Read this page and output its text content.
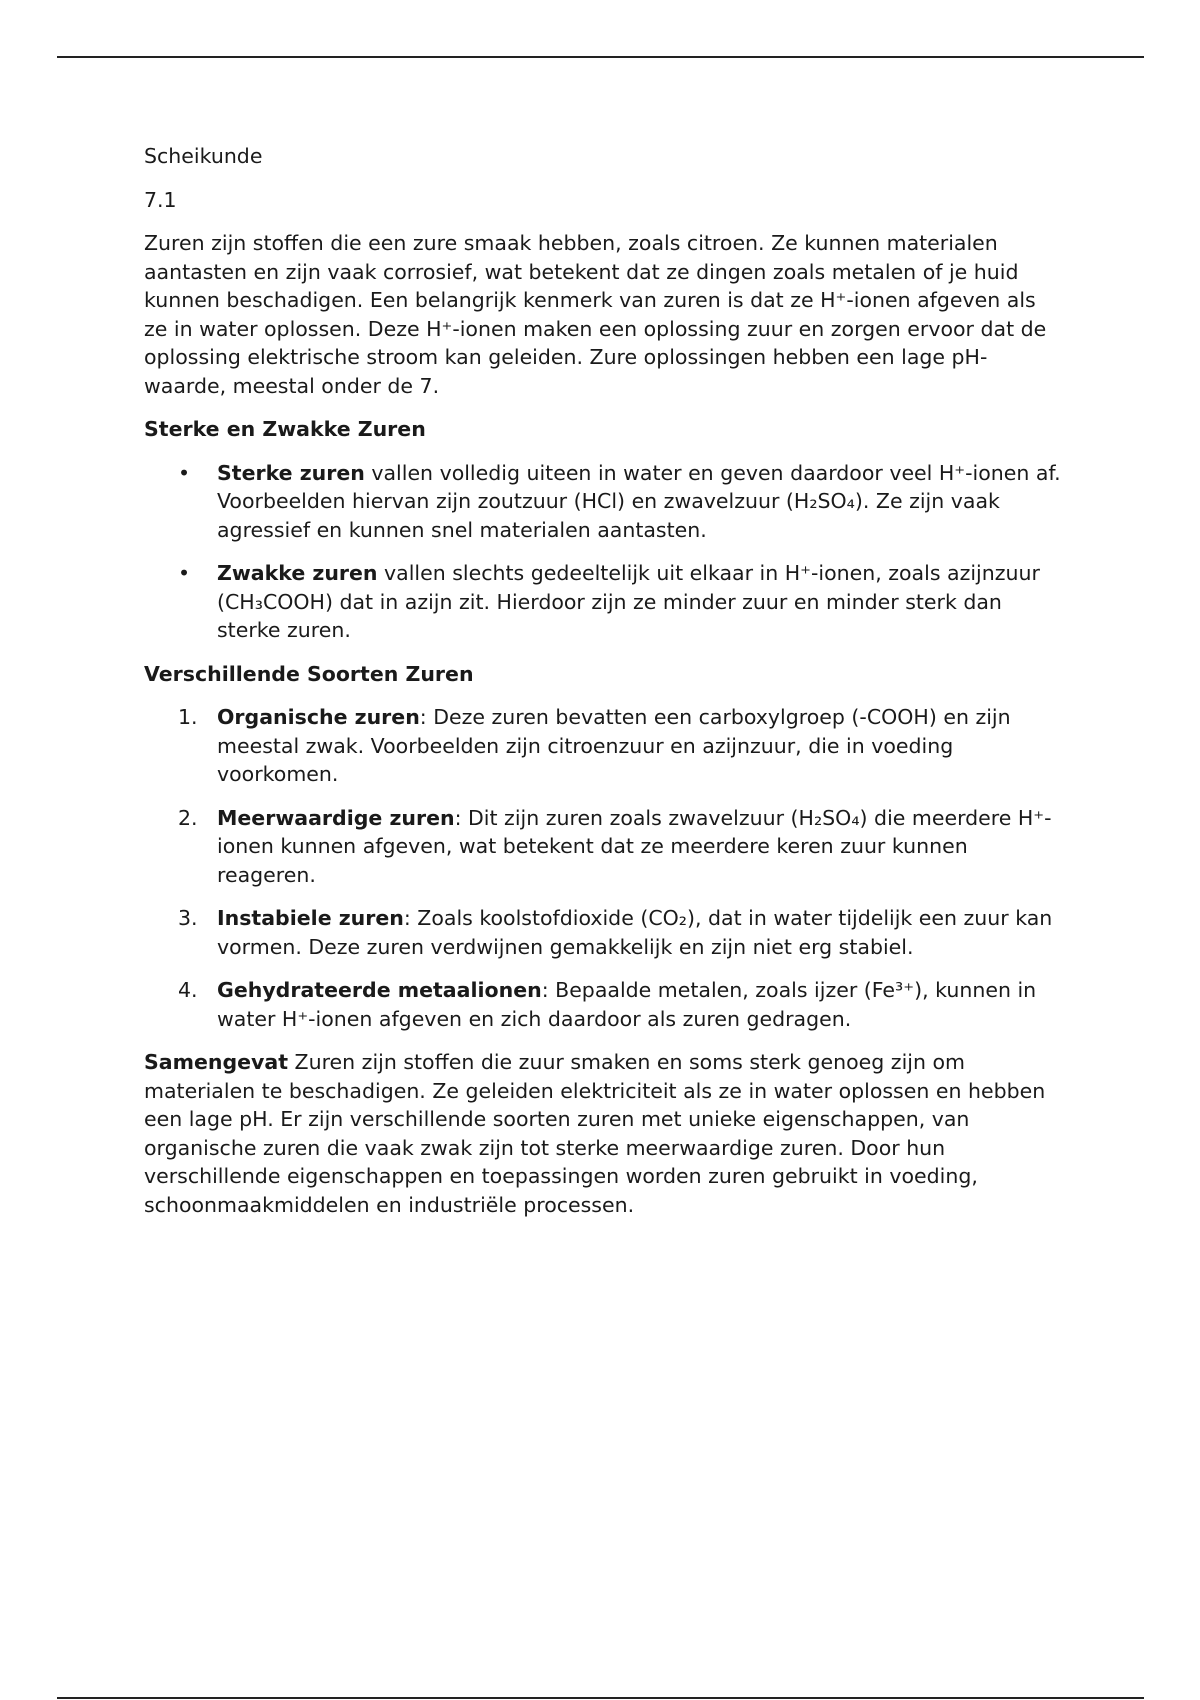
Scheikunde

7.1

Zuren zijn stoffen die een zure smaak hebben, zoals citroen. Ze kunnen materialen aantasten en zijn vaak corrosief, wat betekent dat ze dingen zoals metalen of je huid kunnen beschadigen. Een belangrijk kenmerk van zuren is dat ze H⁺-ionen afgeven als ze in water oplossen. Deze H⁺-ionen maken een oplossing zuur en zorgen ervoor dat de oplossing elektrische stroom kan geleiden. Zure oplossingen hebben een lage pH-waarde, meestal onder de 7.

Sterke en Zwakke Zuren

• Sterke zuren vallen volledig uiteen in water en geven daardoor veel H⁺-ionen af. Voorbeelden hiervan zijn zoutzuur (HCl) en zwavelzuur (H₂SO₄). Ze zijn vaak agressief en kunnen snel materialen aantasten.
• Zwakke zuren vallen slechts gedeeltelijk uit elkaar in H⁺-ionen, zoals azijnzuur (CH₃COOH) dat in azijn zit. Hierdoor zijn ze minder zuur en minder sterk dan sterke zuren.

Verschillende Soorten Zuren

1. Organische zuren: Deze zuren bevatten een carboxylgroep (-COOH) en zijn meestal zwak. Voorbeelden zijn citroenzuur en azijnzuur, die in voeding voorkomen.
2. Meerwaardige zuren: Dit zijn zuren zoals zwavelzuur (H₂SO₄) die meerdere H⁺-ionen kunnen afgeven, wat betekent dat ze meerdere keren zuur kunnen reageren.
3. Instabiele zuren: Zoals koolstofdioxide (CO₂), dat in water tijdelijk een zuur kan vormen. Deze zuren verdwijnen gemakkelijk en zijn niet erg stabiel.
4. Gehydrateerde metaalionen: Bepaalde metalen, zoals ijzer (Fe³⁺), kunnen in water H⁺-ionen afgeven en zich daardoor als zuren gedragen.

Samengevat Zuren zijn stoffen die zuur smaken en soms sterk genoeg zijn om materialen te beschadigen. Ze geleiden elektriciteit als ze in water oplossen en hebben een lage pH. Er zijn verschillende soorten zuren met unieke eigenschappen, van organische zuren die vaak zwak zijn tot sterke meerwaardige zuren. Door hun verschillende eigenschappen en toepassingen worden zuren gebruikt in voeding, schoonmaakmiddelen en industriële processen.
